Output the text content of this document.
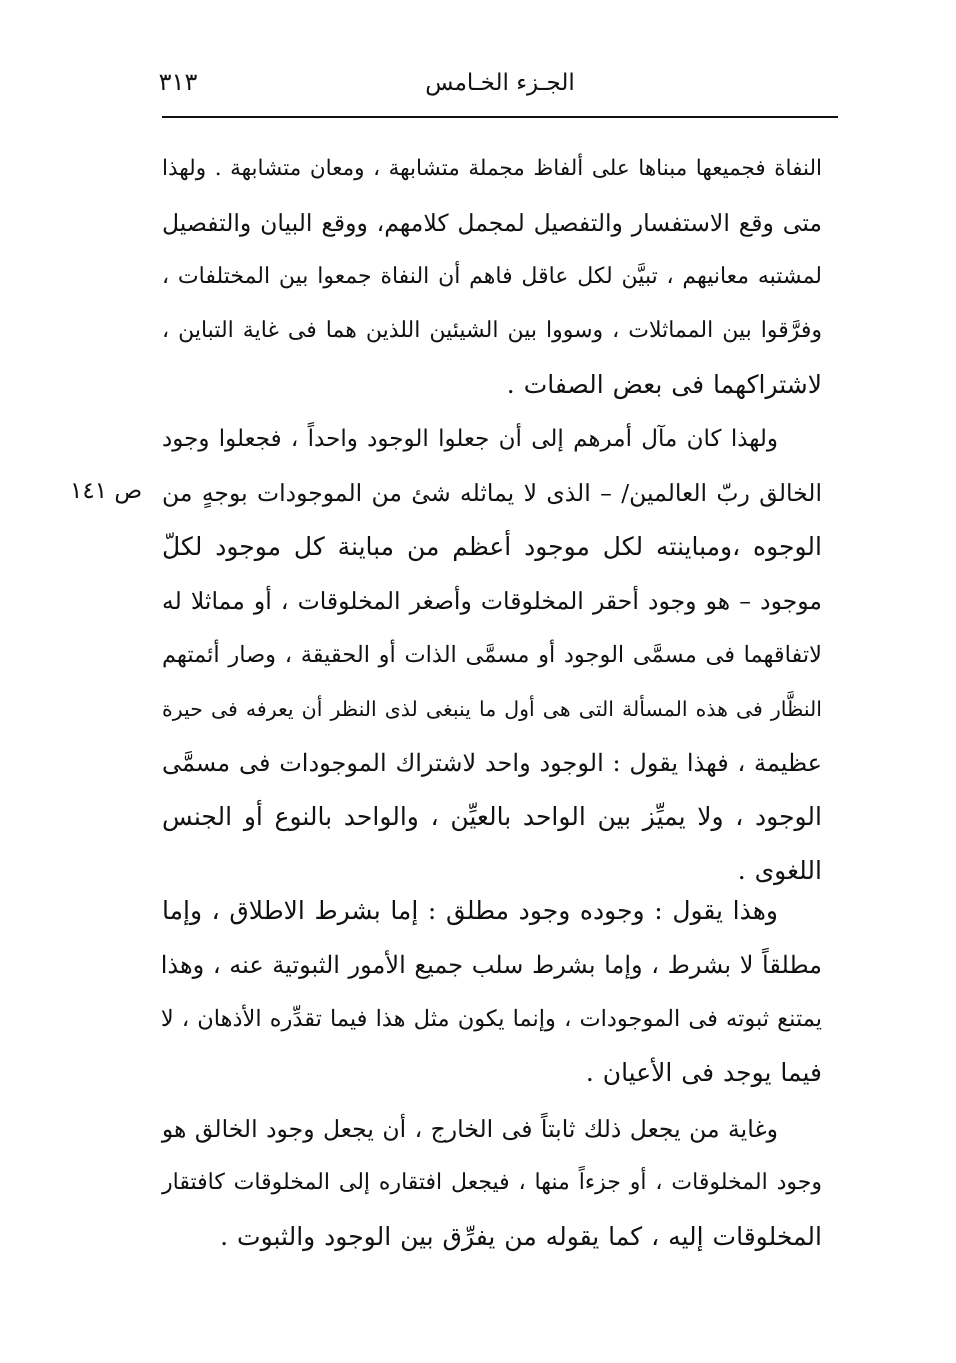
٣١٣	الجـزء الخـامس
ص ١٤١
النفاة فجميعها مبناها على ألفاظ مجملة متشابهة ، ومعان متشابهة . ولهذا
متى وقع الاستفسار والتفصيل لمجمل كلامهم، ووقع البيان والتفصيل
لمشتبه معانيهم ، تبيَّن لكل عاقل فاهم أن النفاة جمعوا بين المختلفات ،
وفرَّقوا بين المماثلات ، وسووا بين الشيئين اللذين هما فى غاية التباين ،
لاشتراكهما فى بعض الصفات .
ولهذا كان مآل أمرهم إلى أن جعلوا الوجود واحداً ، فجعلوا وجود
الخالق ربّ العالمين/ – الذى لا يماثله شئ من الموجودات بوجهٍ من
الوجوه ،ومباينته لكل موجود أعظم من مباينة كل موجود لكلّ
موجود – هو وجود أحقر المخلوقات وأصغر المخلوقات ، أو مماثلا له
لاتفاقهما فى مسمَّى الوجود أو مسمَّى الذات أو الحقيقة ، وصار أئمتهم
النظَّار فى هذه المسألة التى هى أول ما ينبغى لذى النظر أن يعرفه فى حيرة
عظيمة ، فهذا يقول : الوجود واحد لاشتراك الموجودات فى مسمَّى
الوجود ، ولا يميِّز بين الواحد بالعيِّن ، والواحد بالنوع أو الجنس
اللغوى .
وهذا يقول : وجوده وجود مطلق : إما بشرط الاطلاق ، وإما
مطلقاً لا بشرط ، وإما بشرط سلب جميع الأمور الثبوتية عنه ، وهذا
يمتنع ثبوته فى الموجودات ، وإنما يكون مثل هذا فيما تقدِّره الأذهان ، لا
فيما يوجد فى الأعيان .
وغاية من يجعل ذلك ثابتاً فى الخارج ، أن يجعل وجود الخالق هو
وجود المخلوقات ، أو جزءاً منها ، فيجعل افتقاره إلى المخلوقات كافتقار
المخلوقات إليه ، كما يقوله من يفرِّق بين الوجود والثبوت .
